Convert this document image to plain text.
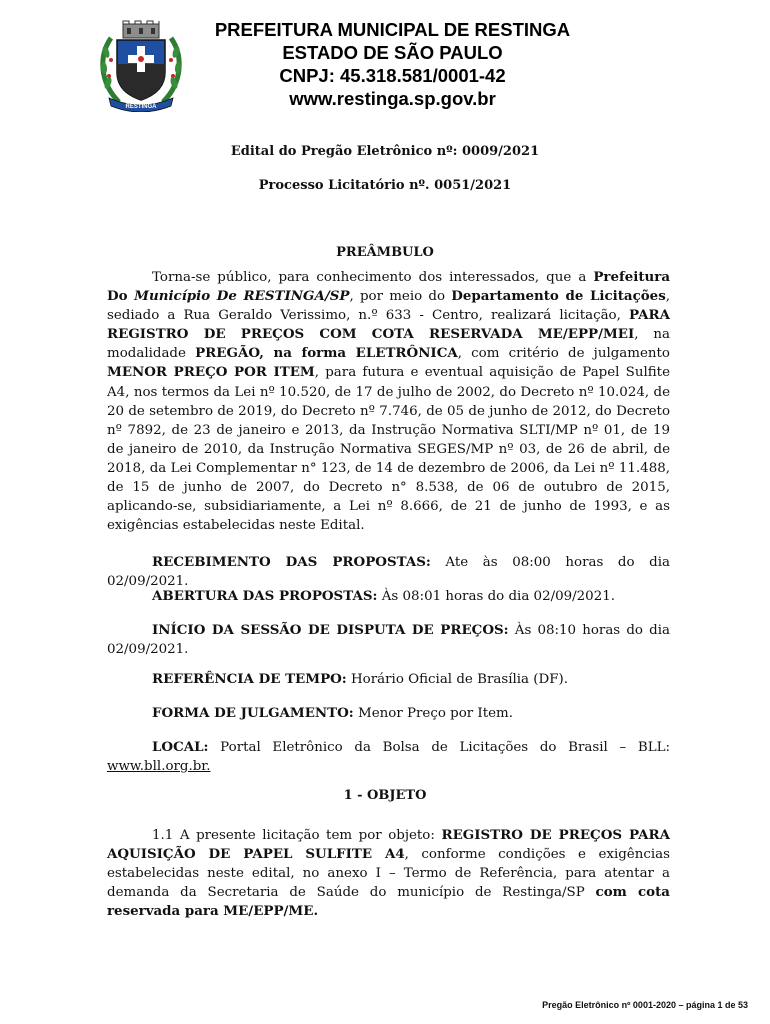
RESTINGA
PREFEITURA MUNICIPAL DE RESTINGA
ESTADO DE SÃO PAULO
CNPJ: 45.318.581/0001-42
www.restinga.sp.gov.br
Edital do Pregão Eletrônico nº: 0009/2021
Processo Licitatório nº. 0051/2021
PREÂMBULO

Torna-se público, para conhecimento dos interessados, que a Prefeitura Do Município De RESTINGA/SP, por meio do Departamento de Licitações, sediado a Rua Geraldo Verissimo, n.º 633 - Centro, realizará licitação, PARA REGISTRO DE PREÇOS COM COTA RESERVADA ME/EPP/MEI, na modalidade PREGÃO, na forma ELETRÔNICA, com critério de julgamento MENOR PREÇO POR ITEM, para futura e eventual aquisição de Papel Sulfite A4, nos termos da Lei nº 10.520, de 17 de julho de 2002, do Decreto nº 10.024, de 20 de setembro de 2019, do Decreto nº 7.746, de 05 de junho de 2012, do Decreto nº 7892, de 23 de janeiro e 2013, da Instrução Normativa SLTI/MP nº 01, de 19 de janeiro de 2010, da Instrução Normativa SEGES/MP nº 03, de 26 de abril, de 2018, da Lei Complementar n° 123, de 14 de dezembro de 2006, da Lei nº 11.488, de 15 de junho de 2007, do Decreto n° 8.538, de 06 de outubro de 2015, aplicando-se, subsidiariamente, a Lei nº 8.666, de 21 de junho de 1993, e as exigências estabelecidas neste Edital.

RECEBIMENTO DAS PROPOSTAS: Ate às 08:00 horas do dia 02/09/2021.

ABERTURA DAS PROPOSTAS: Às 08:01 horas do dia 02/09/2021.

INÍCIO DA SESSÃO DE DISPUTA DE PREÇOS: Às 08:10 horas do dia 02/09/2021.

REFERÊNCIA DE TEMPO: Horário Oficial de Brasília (DF).

FORMA DE JULGAMENTO: Menor Preço por Item.

LOCAL: Portal Eletrônico da Bolsa de Licitações do Brasil – BLL: www.bll.org.br.

1 - OBJETO

1.1 A presente licitação tem por objeto: REGISTRO DE PREÇOS PARA AQUISIÇÃO DE PAPEL SULFITE A4, conforme condições e exigências estabelecidas neste edital, no anexo I – Termo de Referência, para atentar a demanda da Secretaria de Saúde do município de Restinga/SP com cota reservada para ME/EPP/ME.

Pregão Eletrônico nº 0001-2020 – página 1 de 53
